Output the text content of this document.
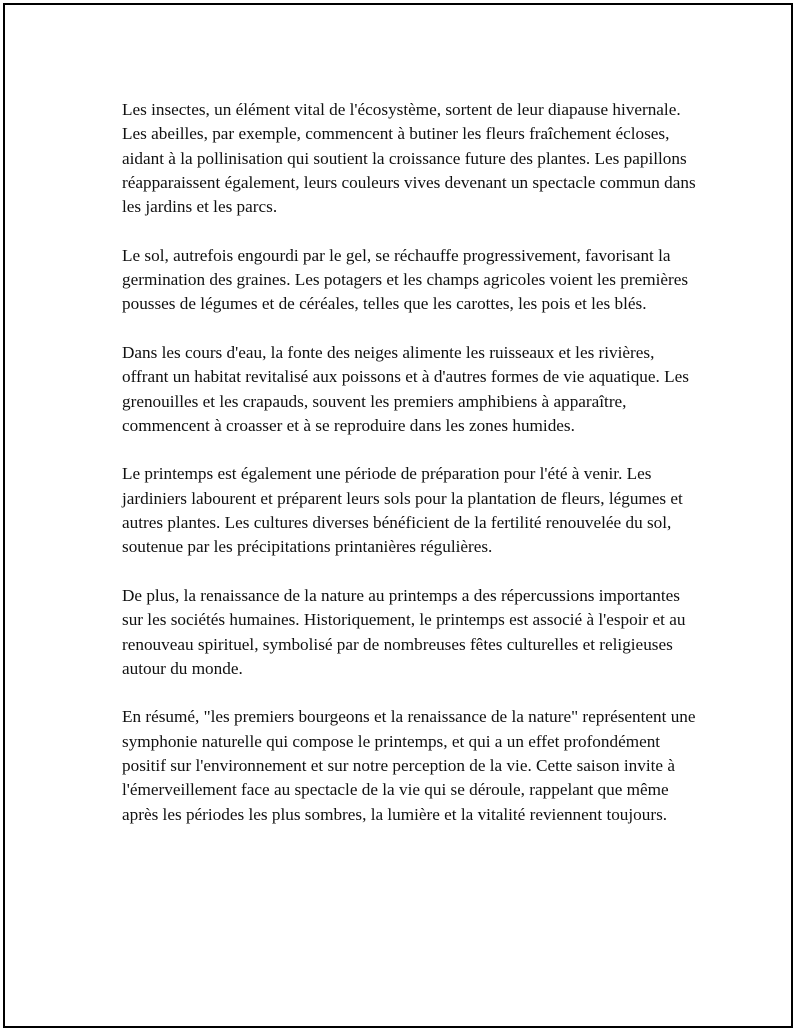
Les insectes, un élément vital de l'écosystème, sortent de leur diapause hivernale. Les abeilles, par exemple, commencent à butiner les fleurs fraîchement écloses, aidant à la pollinisation qui soutient la croissance future des plantes. Les papillons réapparaissent également, leurs couleurs vives devenant un spectacle commun dans les jardins et les parcs.

Le sol, autrefois engourdi par le gel, se réchauffe progressivement, favorisant la germination des graines. Les potagers et les champs agricoles voient les premières pousses de légumes et de céréales, telles que les carottes, les pois et les blés.

Dans les cours d'eau, la fonte des neiges alimente les ruisseaux et les rivières, offrant un habitat revitalisé aux poissons et à d'autres formes de vie aquatique. Les grenouilles et les crapauds, souvent les premiers amphibiens à apparaître, commencent à croasser et à se reproduire dans les zones humides.

Le printemps est également une période de préparation pour l'été à venir. Les jardiniers labourent et préparent leurs sols pour la plantation de fleurs, légumes et autres plantes. Les cultures diverses bénéficient de la fertilité renouvelée du sol, soutenue par les précipitations printanières régulières.

De plus, la renaissance de la nature au printemps a des répercussions importantes sur les sociétés humaines. Historiquement, le printemps est associé à l'espoir et au renouveau spirituel, symbolisé par de nombreuses fêtes culturelles et religieuses autour du monde.

En résumé, "les premiers bourgeons et la renaissance de la nature" représentent une symphonie naturelle qui compose le printemps, et qui a un effet profondément positif sur l'environnement et sur notre perception de la vie. Cette saison invite à l'émerveillement face au spectacle de la vie qui se déroule, rappelant que même après les périodes les plus sombres, la lumière et la vitalité reviennent toujours.
